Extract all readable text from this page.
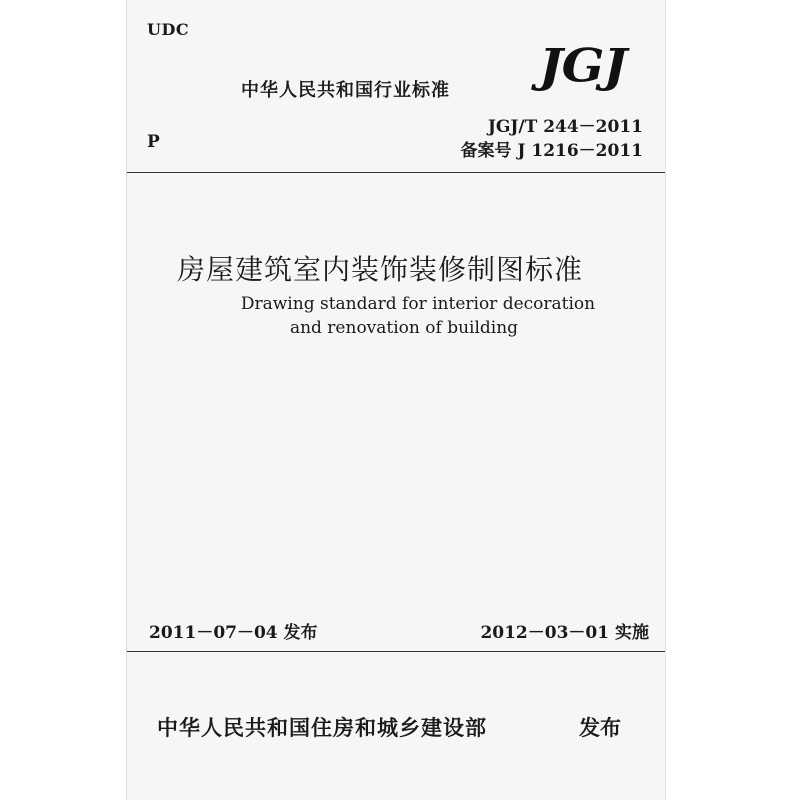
UDC
P
中华人民共和国行业标准 JGJ
JGJ/T 244－2011
备案号 J 1216－2011
房屋建筑室内装饰装修制图标准
Drawing standard for interior decoration
and renovation of building
2011－07－04 发布	2012－03－01 实施
中华人民共和国住房和城乡建设部	发布
